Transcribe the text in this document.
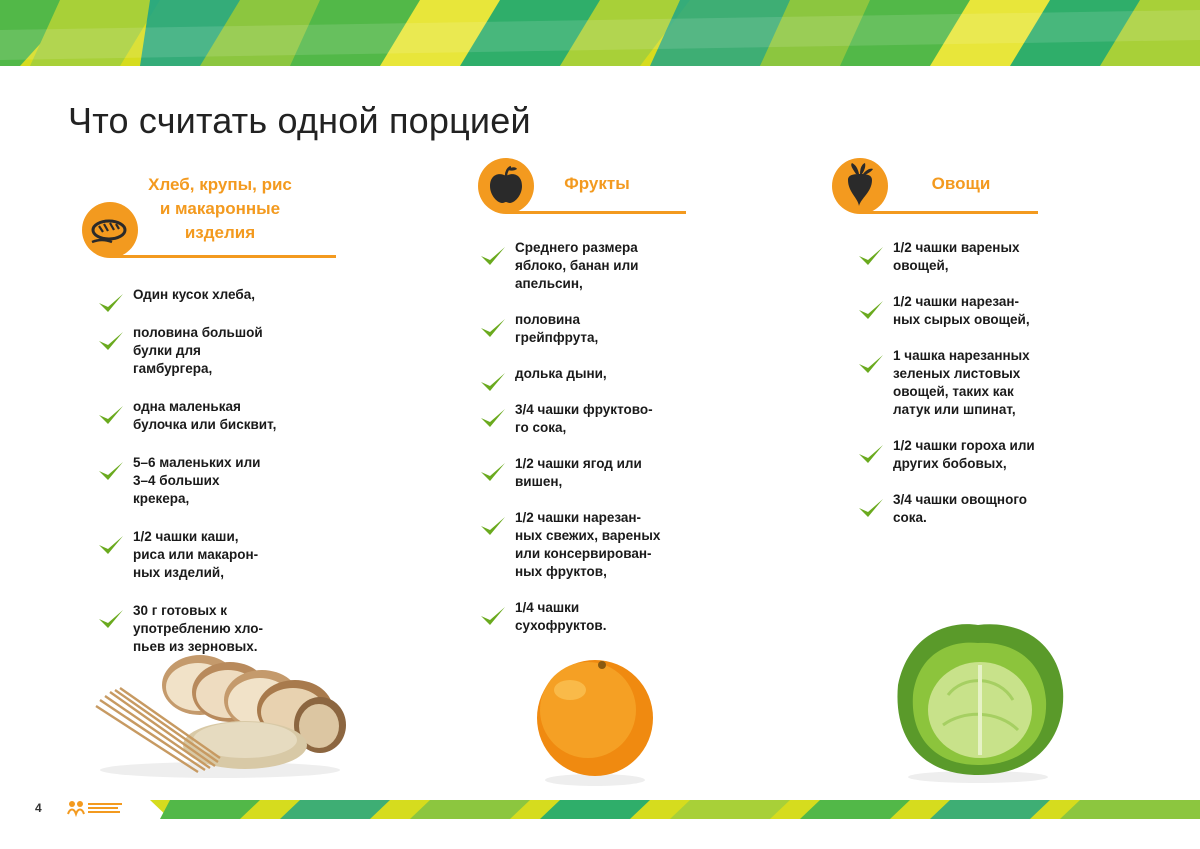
Что считать одной порцией
Хлеб, крупы, рис
и макаронные
изделия
Один кусок хлеба,
половина большой
булки для
гамбургера,
одна маленькая
булочка или бисквит,
5–6 маленьких или
3–4 больших
крекера,
1/2 чашки каши,
риса или макарон-
ных изделий,
30 г готовых к
употреблению хло-
пьев из зерновых.
Фрукты
Среднего размера
яблоко, банан или
апельсин,
половина
грейпфрута,
долька дыни,
3/4 чашки фруктово-
го сока,
1/2 чашки ягод или
вишен,
1/2 чашки нарезан-
ных свежих, вареных
или консервирован-
ных фруктов,
1/4 чашки
сухофруктов.
Овощи
1/2 чашки вареных
овощей,
1/2 чашки нарезан-
ных сырых овощей,
1 чашка нарезанных
зеленых листовых
овощей, таких как
латук или шпинат,
1/2 чашки гороха или
других бобовых,
3/4 чашки овощного
сока.
4
